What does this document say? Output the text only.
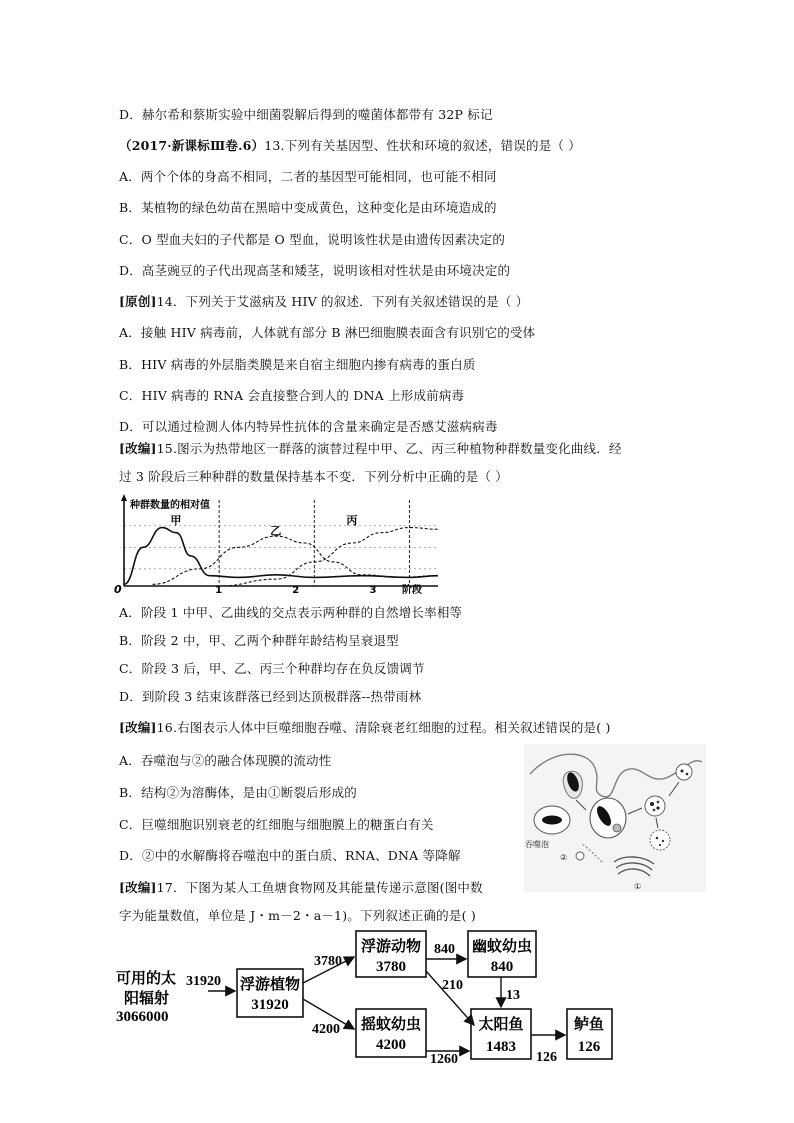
D．赫尔希和蔡斯实验中细菌裂解后得到的噬菌体都带有 32P 标记
（2017·新课标Ⅲ卷.6）13.下列有关基因型、性状和环境的叙述，错误的是（ ）
A．两个个体的身高不相同，二者的基因型可能相同，也可能不相同
B．某植物的绿色幼苗在黑暗中变成黄色，这种变化是由环境造成的
C．O 型血夫妇的子代都是 O 型血，说明该性状是由遗传因素决定的
D．高茎豌豆的子代出现高茎和矮茎，说明该相对性状是由环境决定的
[原创]14．下列关于艾滋病及 HIV 的叙述．下列有关叙述错误的是（ ）
A．接触 HIV 病毒前，人体就有部分 B 淋巴细胞膜表面含有识别它的受体
B．HIV 病毒的外层脂类膜是来自宿主细胞内掺有病毒的蛋白质
C．HIV 病毒的 RNA 会直接整合到人的 DNA 上形成前病毒
D．可以通过检测人体内特异性抗体的含量来确定是否感艾滋病病毒
[改编]15.图示为热带地区一群落的演替过程中甲、乙、丙三种植物种群数量变化曲线．经
过 3 阶段后三种种群的数量保持基本不变．下列分析中正确的是（ ）
种群数量的相对值
0	1	2	3	阶段
甲
乙
丙
A．阶段 1 中甲、乙曲线的交点表示两种群的自然增长率相等
B．阶段 2 中，甲、乙两个种群年龄结构呈衰退型
C．阶段 3 后，甲、乙、丙三个种群均存在负反馈调节
D．到阶段 3 结束该群落已经到达顶极群落--热带雨林
[改编]16.右图表示人体中巨噬细胞吞噬、清除衰老红细胞的过程。相关叙述错误的是( )
A．吞噬泡与②的融合体现膜的流动性
B．结构②为溶酶体，是由①断裂后形成的
C．巨噬细胞识别衰老的红细胞与细胞膜上的糖蛋白有关
D．②中的水解酶将吞噬泡中的蛋白质、RNA、DNA 等降解
吞噬泡
②
①
[改编]17．下图为某人工鱼塘食物网及其能量传递示意图(图中数
字为能量数值，单位是 J・m－2・a－1)。下列叙述正确的是( )
可用的太
阳辐射
3066000
浮游植物
31920
浮游动物
3780
幽蚊幼虫
840
摇蚊幼虫
4200
太阳鱼
1483
鲈鱼
126
31920
3780
4200
840
210
13
1260	126
